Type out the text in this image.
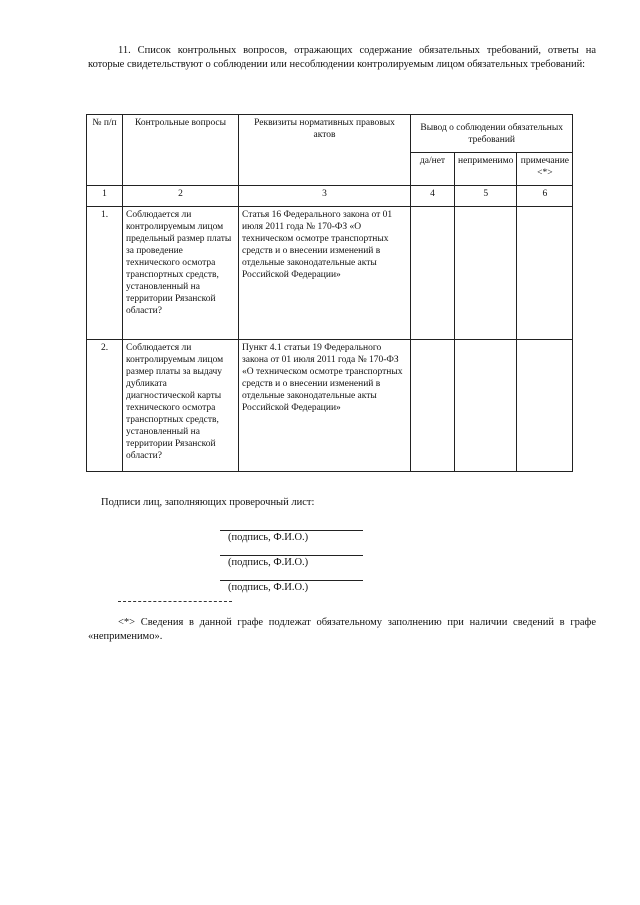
11. Список контрольных вопросов, отражающих содержание обязательных требований, ответы на которые свидетельствуют о соблюдении или несоблюдении контролируемым лицом обязательных требований:
№ п/п	Контрольные вопросы	Реквизиты нормативных правовых актов	Вывод о соблюдении обязательных требований		
			да/нет	неприменимо	примечание <*>
1	2	3	4	5	6
1.	Соблюдается ли контролируемым лицом предельный размер платы за проведение технического осмотра транспортных средств, установленный на территории Рязанской области?	Статья 16 Федерального закона от 01 июля 2011 года № 170-ФЗ «О техническом осмотре транспортных средств и о внесении изменений в отдельные законодательные акты Российской Федерации»			
2.	Соблюдается ли контролируемым лицом размер платы за выдачу дубликата диагностической карты технического осмотра транспортных средств, установленный на территории Рязанской области?	Пункт 4.1 статьи 19 Федерального закона от 01 июля 2011 года № 170-ФЗ «О техническом осмотре транспортных средств и о внесении изменений в отдельные законодательные акты Российской Федерации»			
Подписи лиц, заполняющих проверочный лист:
(подпись, Ф.И.О.)
(подпись, Ф.И.О.)
(подпись, Ф.И.О.)
<*> Сведения в данной графе подлежат обязательному заполнению при наличии сведений в графе «неприменимо».
